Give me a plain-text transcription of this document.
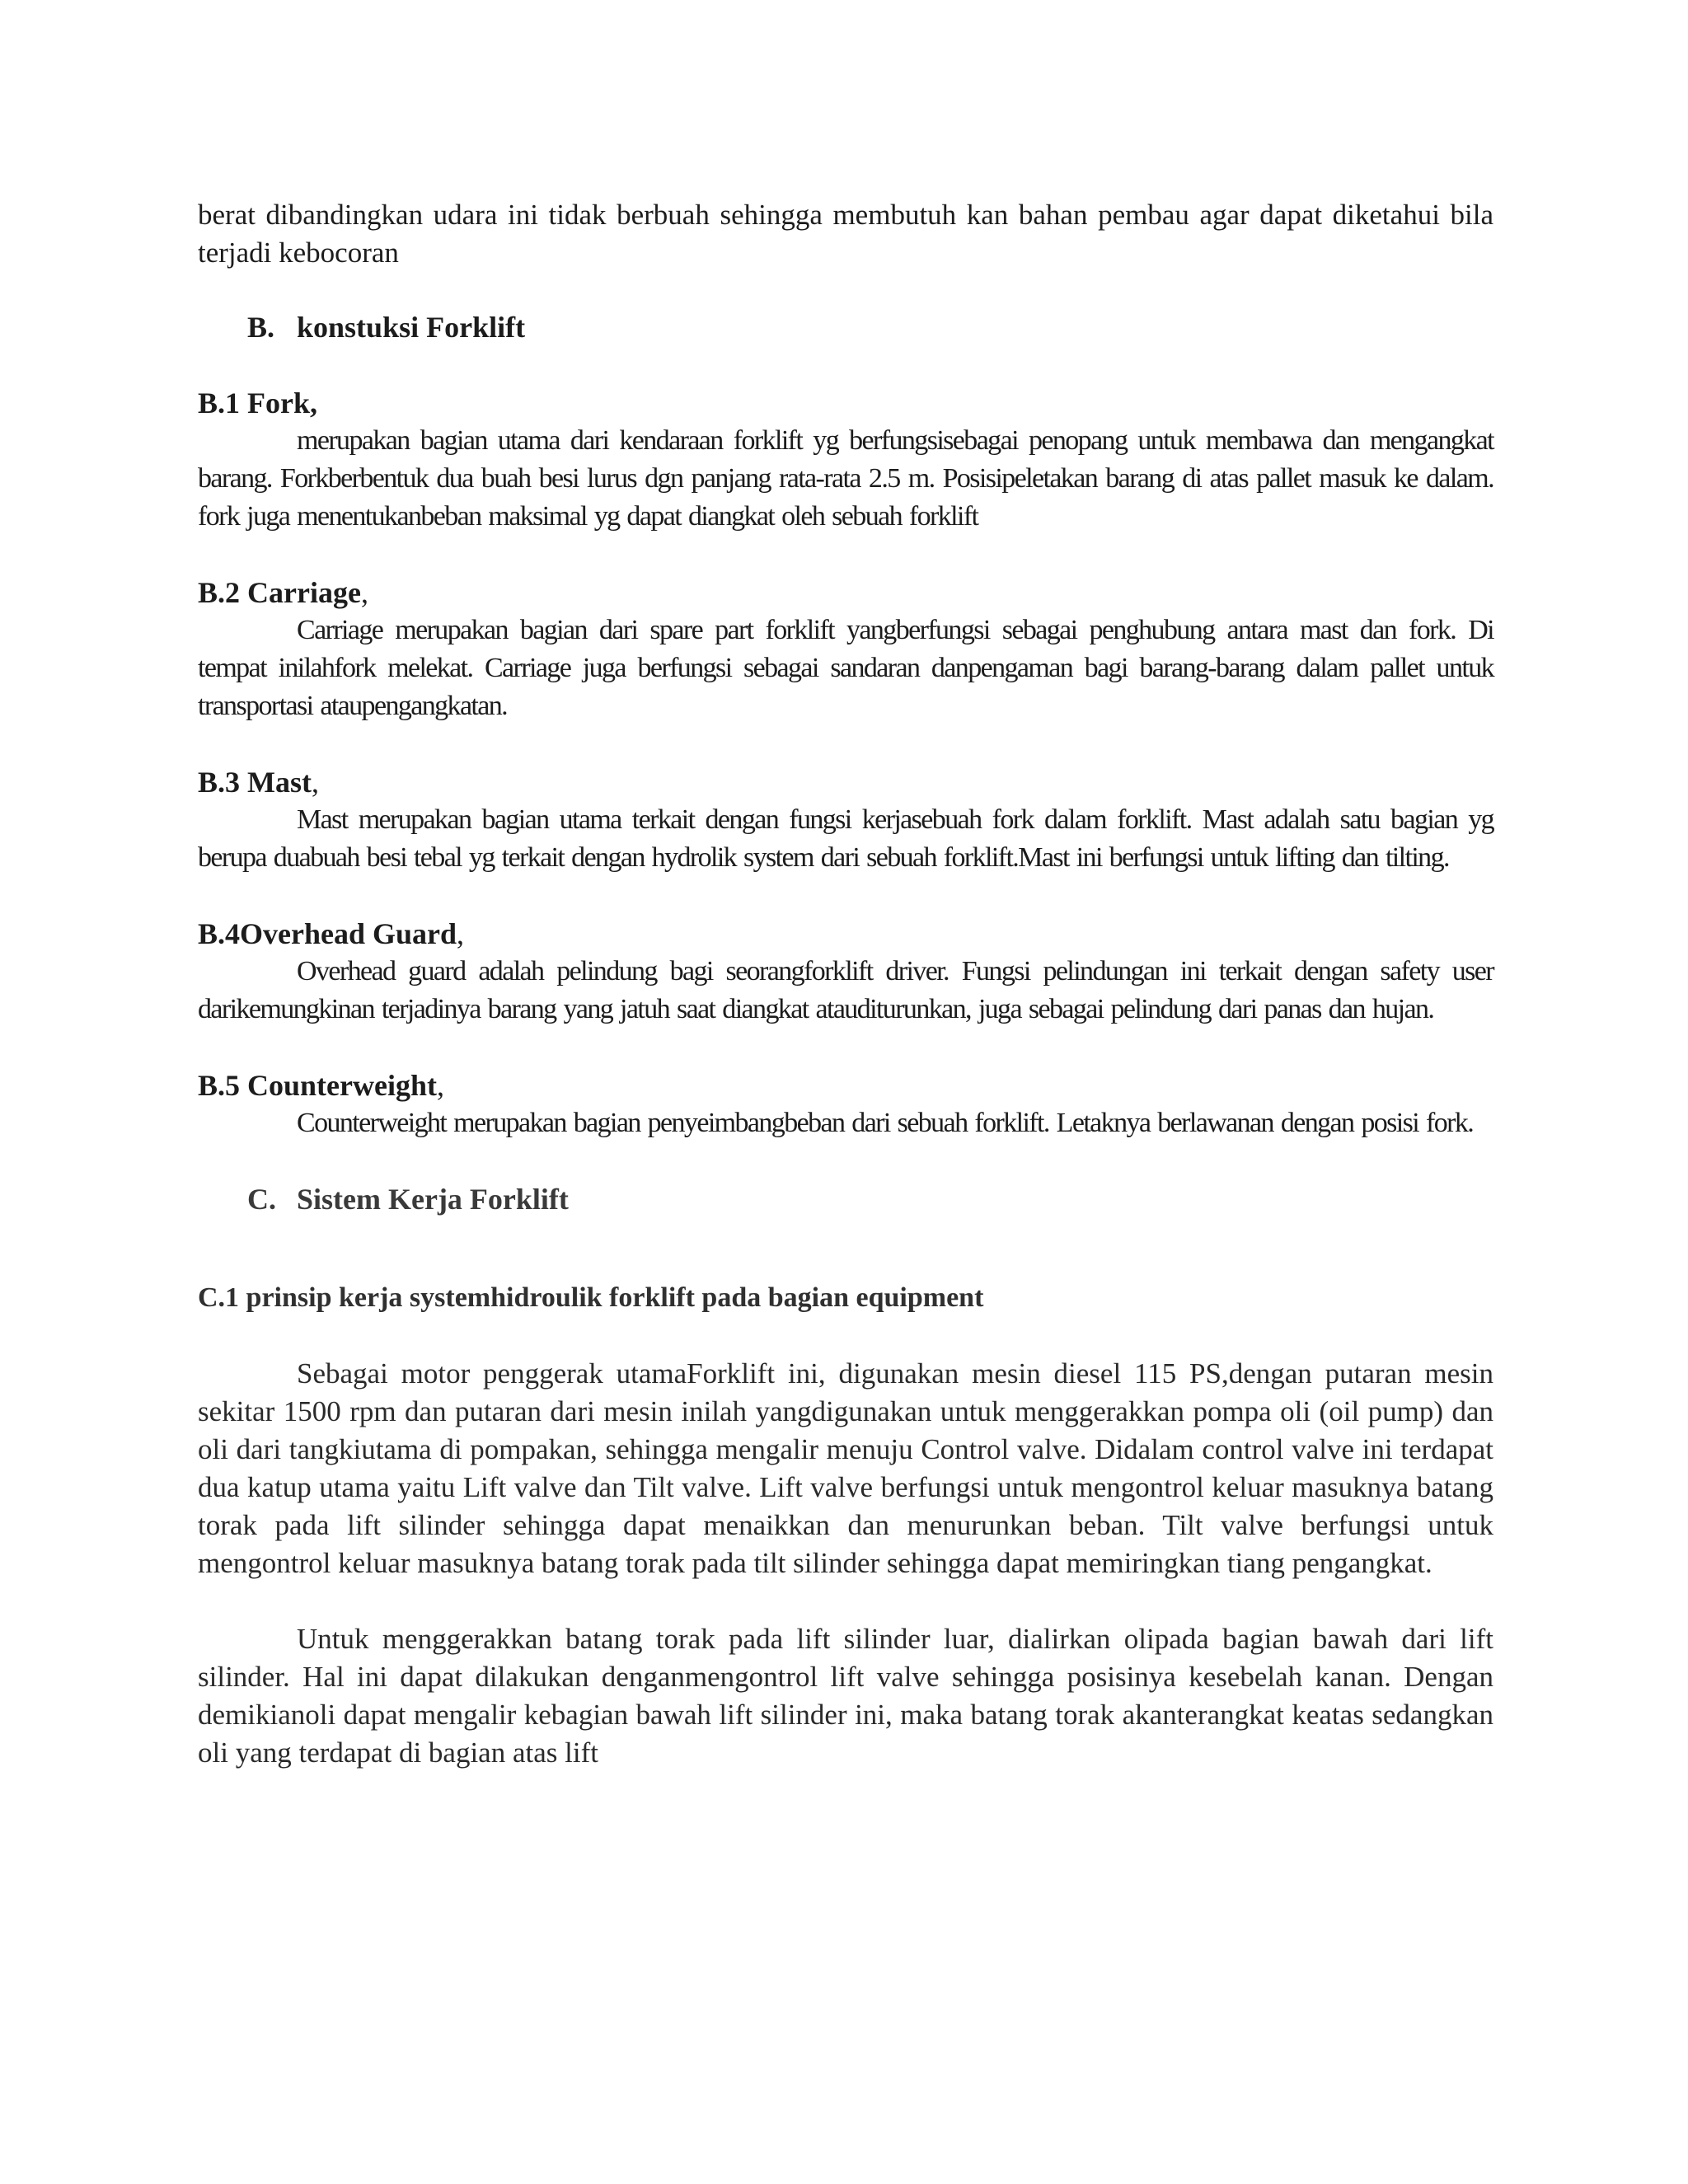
berat dibandingkan udara ini tidak berbuah sehingga membutuh kan bahan pembau agar dapat diketahui bila terjadi kebocoran

B. konstuksi Forklift
B.1 Fork,

merupakan bagian utama dari kendaraan forklift yg berfungsisebagai penopang untuk membawa dan mengangkat barang. Forkberbentuk dua buah besi lurus dgn panjang rata-rata 2.5 m. Posisipeletakan barang di atas pallet masuk ke dalam. fork juga menentukanbeban maksimal yg dapat diangkat oleh sebuah forklift

B.2 Carriage,

Carriage merupakan bagian dari spare part forklift yangberfungsi sebagai penghubung antara mast dan fork. Di tempat inilahfork melekat. Carriage juga berfungsi sebagai sandaran danpengaman bagi barang-barang dalam pallet untuk transportasi ataupengangkatan.

B.3 Mast,

Mast merupakan bagian utama terkait dengan fungsi kerjasebuah fork dalam forklift. Mast adalah satu bagian yg berupa duabuah besi tebal yg terkait dengan hydrolik system dari sebuah forklift.Mast ini berfungsi untuk lifting dan tilting.

B.4Overhead Guard,

Overhead guard adalah pelindung bagi seorangforklift driver. Fungsi pelindungan ini terkait dengan safety user darikemungkinan terjadinya barang yang jatuh saat diangkat atauditurunkan, juga sebagai pelindung dari panas dan hujan.

B.5 Counterweight,

Counterweight merupakan bagian penyeimbangbeban dari sebuah forklift. Letaknya berlawanan dengan posisi fork.

C. Sistem Kerja Forklift
C.1 prinsip kerja systemhidroulik forklift pada bagian equipment

Sebagai motor penggerak utamaForklift ini, digunakan mesin diesel 115 PS,dengan putaran mesin sekitar 1500 rpm dan putaran dari mesin inilah yangdigunakan untuk menggerakkan pompa oli (oil pump) dan oli dari tangkiutama di pompakan, sehingga mengalir menuju Control valve. Didalam control valve ini terdapat dua katup utama yaitu Lift valve dan Tilt valve. Lift valve berfungsi untuk mengontrol keluar masuknya batang torak pada lift silinder sehingga dapat menaikkan dan menurunkan beban. Tilt valve berfungsi untuk mengontrol keluar masuknya batang torak pada tilt silinder sehingga dapat memiringkan tiang pengangkat.

Untuk menggerakkan batang torak pada lift silinder luar, dialirkan olipada bagian bawah dari lift silinder. Hal ini dapat dilakukan denganmengontrol lift valve sehingga posisinya kesebelah kanan. Dengan demikianoli dapat mengalir kebagian bawah lift silinder ini, maka batang torak akanterangkat keatas sedangkan oli yang terdapat di bagian atas lift
